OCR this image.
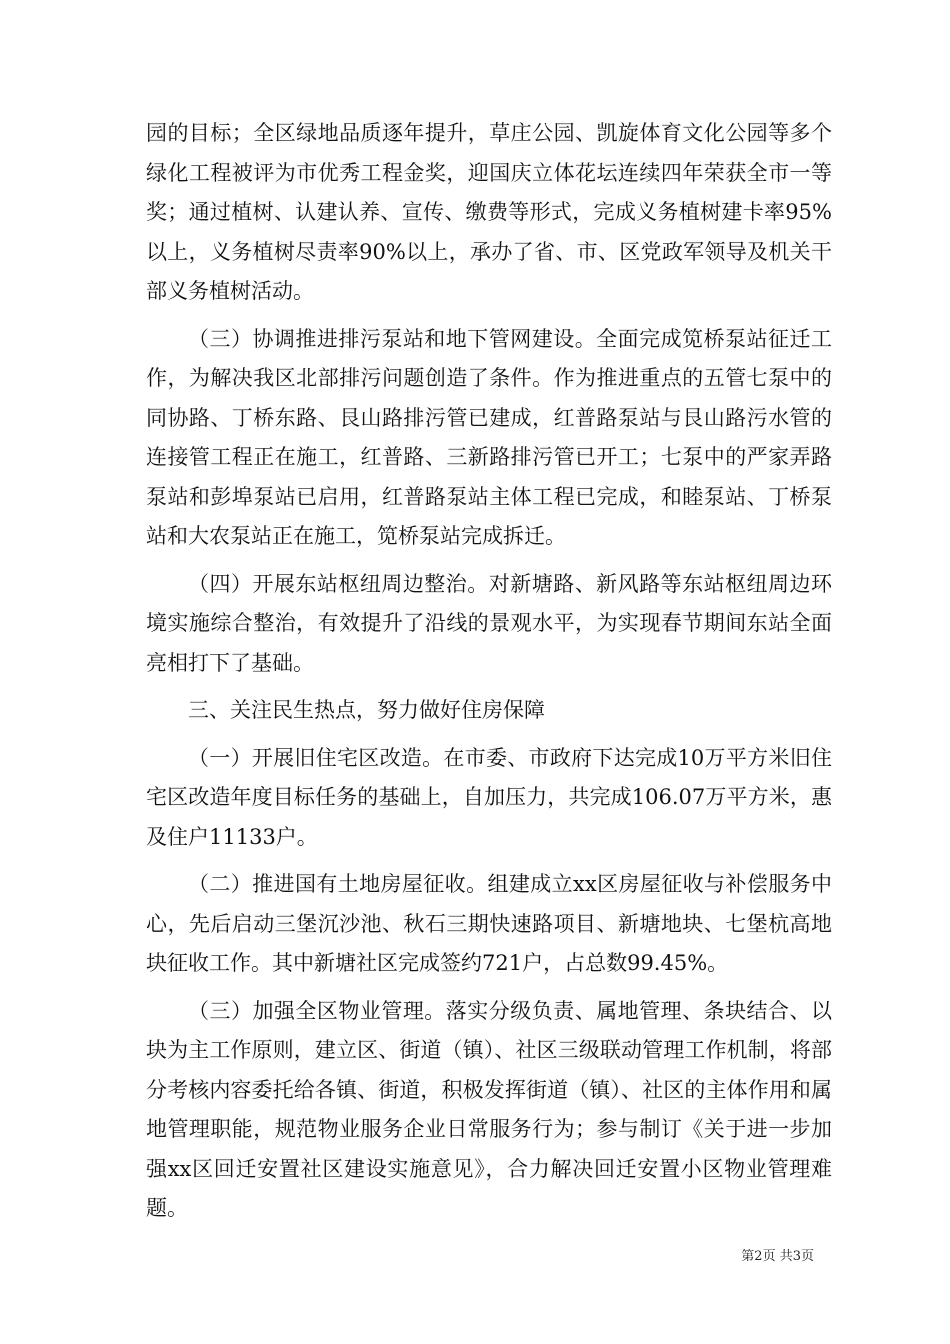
园的目标；全区绿地品质逐年提升，草庄公园、凯旋体育文化公园等多个绿化工程被评为市优秀工程金奖，迎国庆立体花坛连续四年荣获全市一等奖；通过植树、认建认养、宣传、缴费等形式，完成义务植树建卡率95%以上，义务植树尽责率90%以上，承办了省、市、区党政军领导及机关干部义务植树活动。

（三）协调推进排污泵站和地下管网建设。全面完成笕桥泵站征迁工作，为解决我区北部排污问题创造了条件。作为推进重点的五管七泵中的同协路、丁桥东路、艮山路排污管已建成，红普路泵站与艮山路污水管的连接管工程正在施工，红普路、三新路排污管已开工；七泵中的严家弄路泵站和彭埠泵站已启用，红普路泵站主体工程已完成，和睦泵站、丁桥泵站和大农泵站正在施工，笕桥泵站完成拆迁。

（四）开展东站枢纽周边整治。对新塘路、新风路等东站枢纽周边环境实施综合整治，有效提升了沿线的景观水平，为实现春节期间东站全面亮相打下了基础。

三、关注民生热点，努力做好住房保障

（一）开展旧住宅区改造。在市委、市政府下达完成10万平方米旧住宅区改造年度目标任务的基础上，自加压力，共完成106.07万平方米，惠及住户11133户。

（二）推进国有土地房屋征收。组建成立xx区房屋征收与补偿服务中心，先后启动三堡沉沙池、秋石三期快速路项目、新塘地块、七堡杭高地块征收工作。其中新塘社区完成签约721户，占总数99.45%。

（三）加强全区物业管理。落实分级负责、属地管理、条块结合、以块为主工作原则，建立区、街道（镇）、社区三级联动管理工作机制，将部分考核内容委托给各镇、街道，积极发挥街道（镇）、社区的主体作用和属地管理职能，规范物业服务企业日常服务行为；参与制订《关于进一步加强xx区回迁安置社区建设实施意见》，合力解决回迁安置小区物业管理难题。

第2页 共3页
